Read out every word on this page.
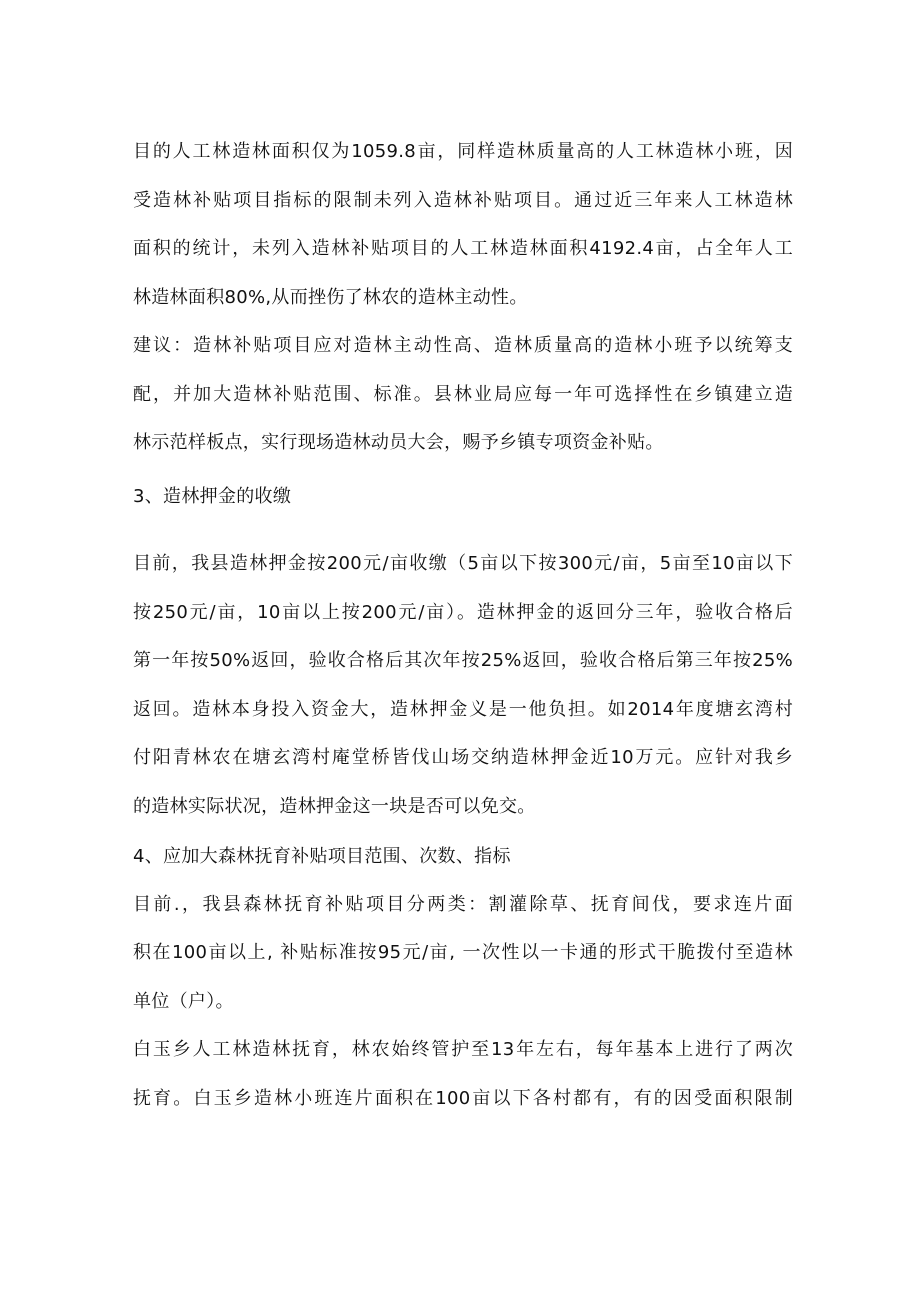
目的人工林造林面积仅为1059.8亩，同样造林质量高的人工林造林小班，因
受造林补贴项目指标的限制未列入造林补贴项目。通过近三年来人工林造林
面积的统计，未列入造林补贴项目的人工林造林面积4192.4亩，占全年人工
林造林面积80%,从而挫伤了林农的造林主动性。
建议：造林补贴项目应对造林主动性高、造林质量高的造林小班予以统筹支
配，并加大造林补贴范围、标准。县林业局应每一年可选择性在乡镇建立造
林示范样板点，实行现场造林动员大会，赐予乡镇专项资金补贴。
3、造林押金的收缴
目前，我县造林押金按200元/亩收缴（5亩以下按300元/亩，5亩至10亩以下
按250元/亩，10亩以上按200元/亩）。造林押金的返回分三年，验收合格后
第一年按50%返回，验收合格后其次年按25%返回，验收合格后第三年按25%
返回。造林本身投入资金大，造林押金义是一他负担。如2014年度塘玄湾村
付阳青林农在塘玄湾村庵堂桥皆伐山场交纳造林押金近10万元。应针对我乡
的造林实际状况，造林押金这一块是否可以免交。
4、应加大森林抚育补贴项目范围、次数、指标
目前.，我县森林抚育补贴项目分两类：割灌除草、抚育间伐，要求连片面
积在100亩以上, 补贴标准按95元/亩, 一次性以一卡通的形式干脆拨付至造林
单位（户）。
白玉乡人工林造林抚育，林农始终管护至13年左右，每年基本上进行了两次
抚育。白玉乡造林小班连片面积在100亩以下各村都有，有的因受面积限制
